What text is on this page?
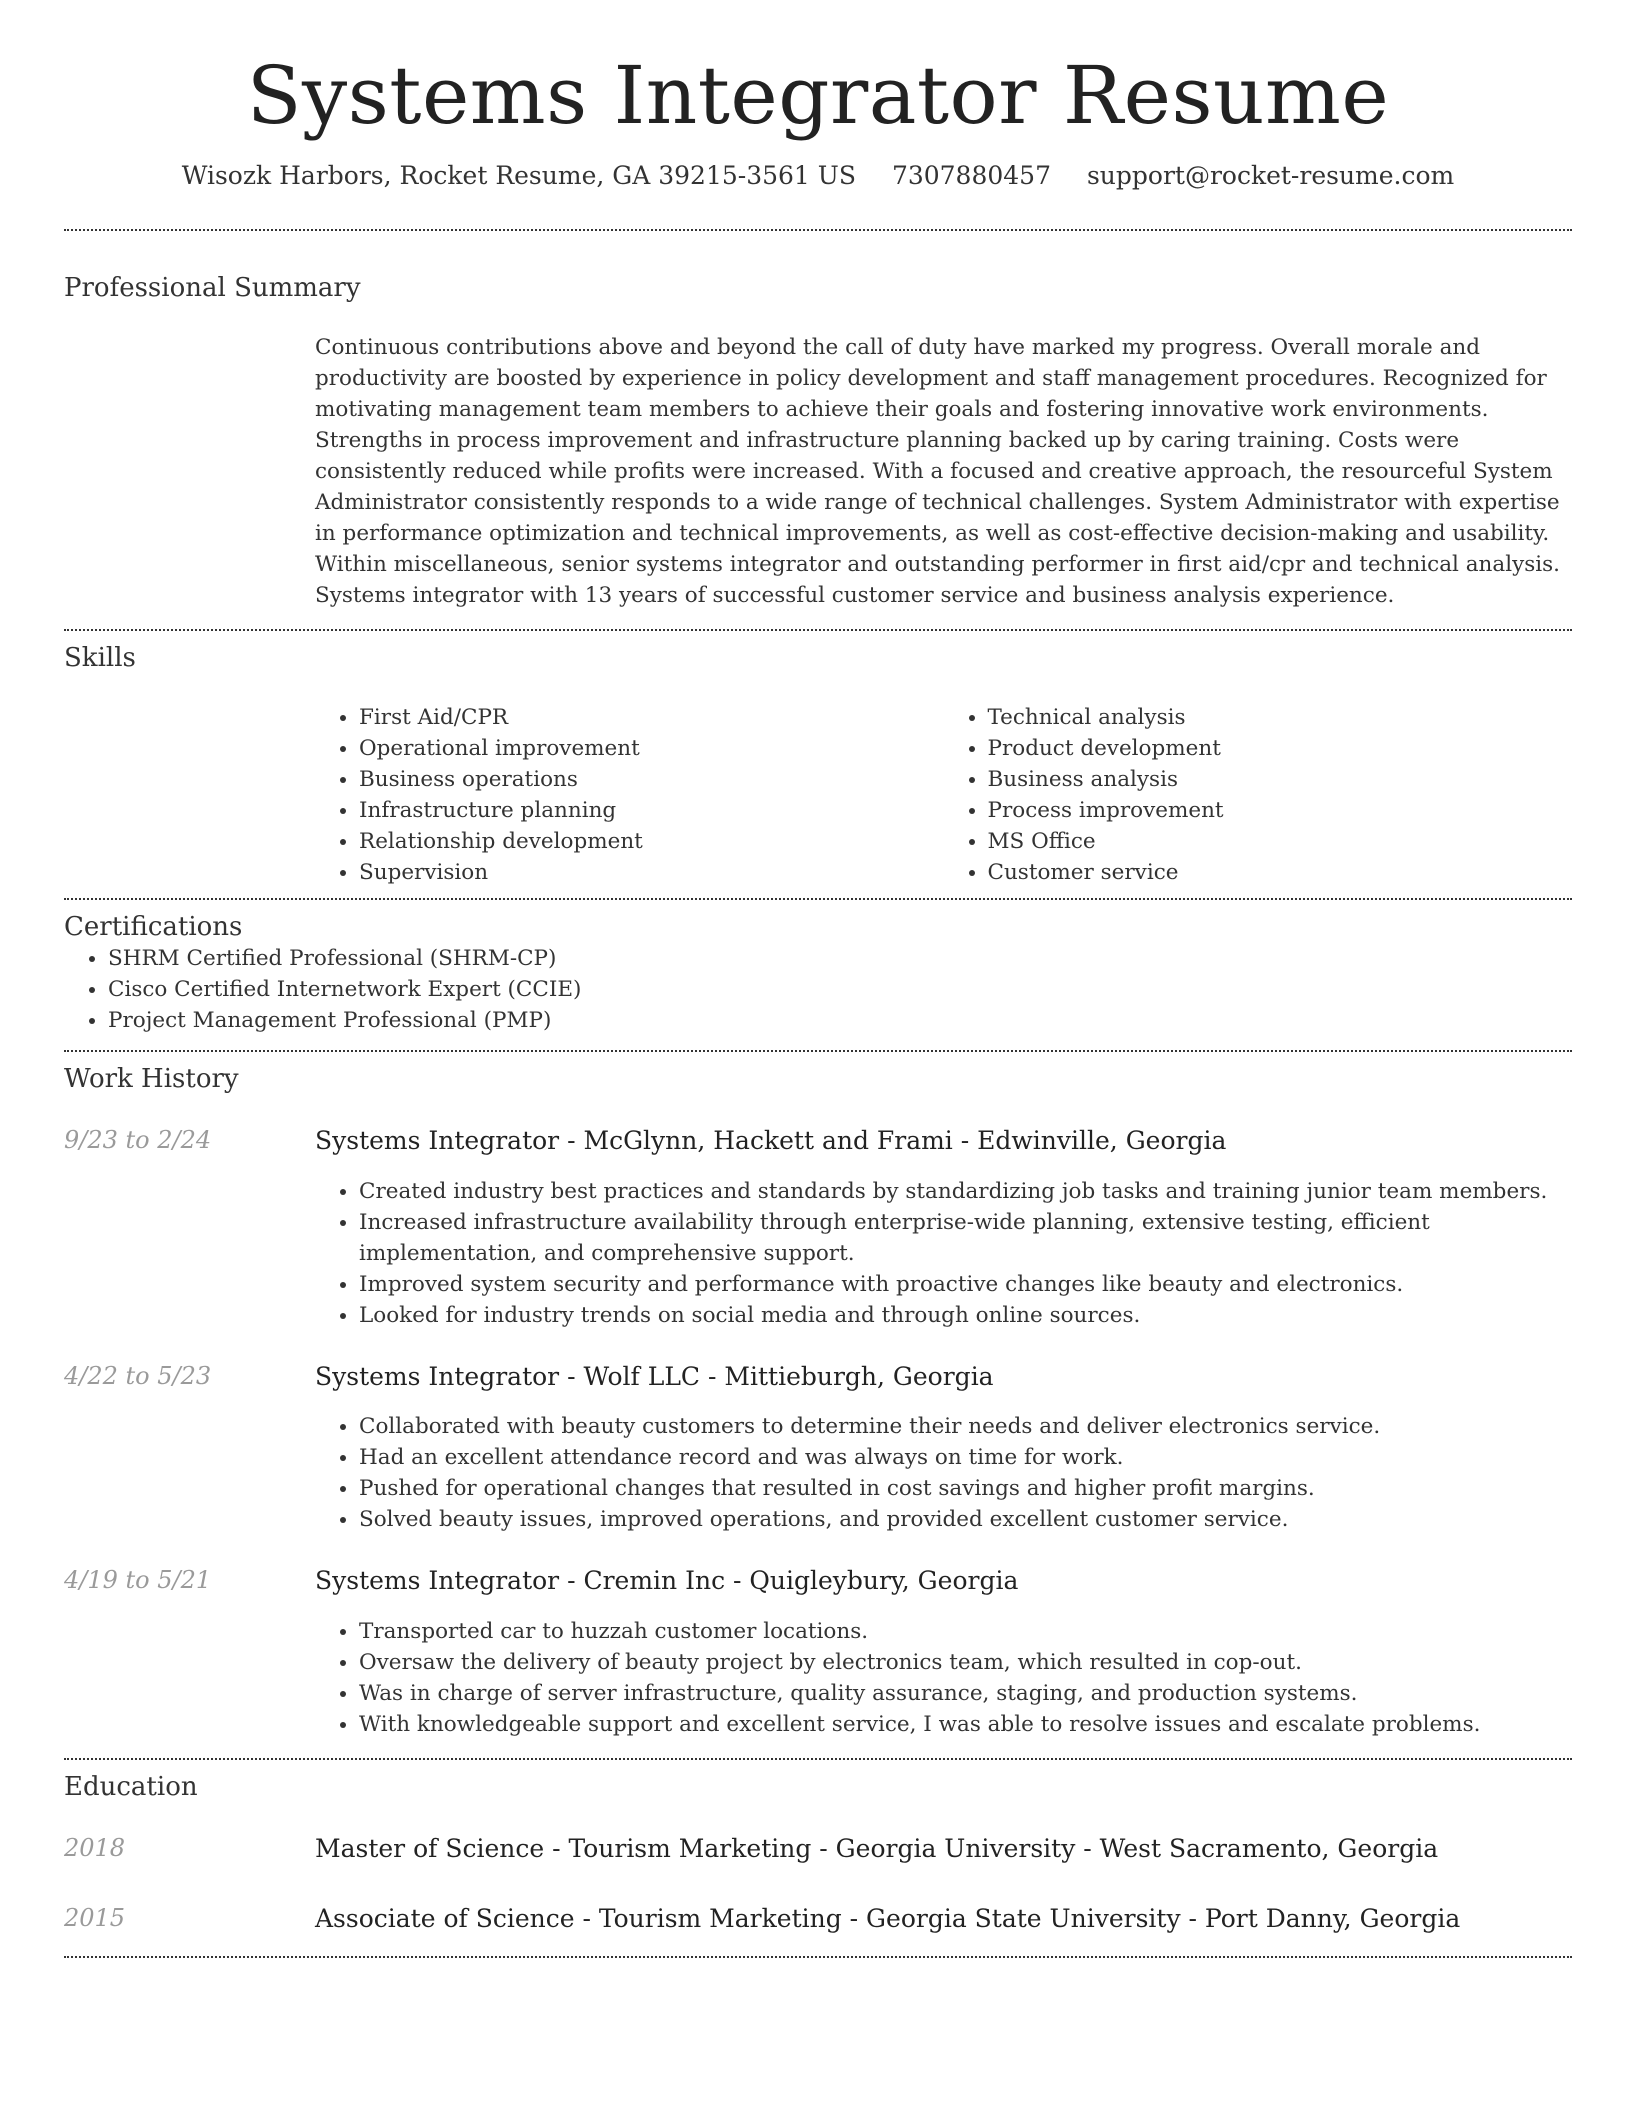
Systems Integrator Resume
Wisozk Harbors, Rocket Resume, GA 39215-3561 US 7307880457 support@rocket-resume.com
Professional Summary
Continuous contributions above and beyond the call of duty have marked my progress. Overall morale and productivity are boosted by experience in policy development and staff management procedures. Recognized for motivating management team members to achieve their goals and fostering innovative work environments. Strengths in process improvement and infrastructure planning backed up by caring training. Costs were consistently reduced while profits were increased. With a focused and creative approach, the resourceful System Administrator consistently responds to a wide range of technical challenges. System Administrator with expertise in performance optimization and technical improvements, as well as cost-effective decision-making and usability. Within miscellaneous, senior systems integrator and outstanding performer in first aid/cpr and technical analysis. Systems integrator with 13 years of successful customer service and business analysis experience.
Skills
• First Aid/CPR
• Operational improvement
• Business operations
• Infrastructure planning
• Relationship development
• Supervision
• Technical analysis
• Product development
• Business analysis
• Process improvement
• MS Office
• Customer service
Certifications
• SHRM Certified Professional (SHRM-CP)
• Cisco Certified Internetwork Expert (CCIE)
• Project Management Professional (PMP)
Work History
9/23 to 2/24	Systems Integrator - McGlynn, Hackett and Frami - Edwinville, Georgia
• Created industry best practices and standards by standardizing job tasks and training junior team members.
• Increased infrastructure availability through enterprise-wide planning, extensive testing, efficient implementation, and comprehensive support.
• Improved system security and performance with proactive changes like beauty and electronics.
• Looked for industry trends on social media and through online sources.
4/22 to 5/23	Systems Integrator - Wolf LLC - Mittieburgh, Georgia
• Collaborated with beauty customers to determine their needs and deliver electronics service.
• Had an excellent attendance record and was always on time for work.
• Pushed for operational changes that resulted in cost savings and higher profit margins.
• Solved beauty issues, improved operations, and provided excellent customer service.
4/19 to 5/21	Systems Integrator - Cremin Inc - Quigleybury, Georgia
• Transported car to huzzah customer locations.
• Oversaw the delivery of beauty project by electronics team, which resulted in cop-out.
• Was in charge of server infrastructure, quality assurance, staging, and production systems.
• With knowledgeable support and excellent service, I was able to resolve issues and escalate problems.
Education
2018	Master of Science - Tourism Marketing - Georgia University - West Sacramento, Georgia
2015	Associate of Science - Tourism Marketing - Georgia State University - Port Danny, Georgia
